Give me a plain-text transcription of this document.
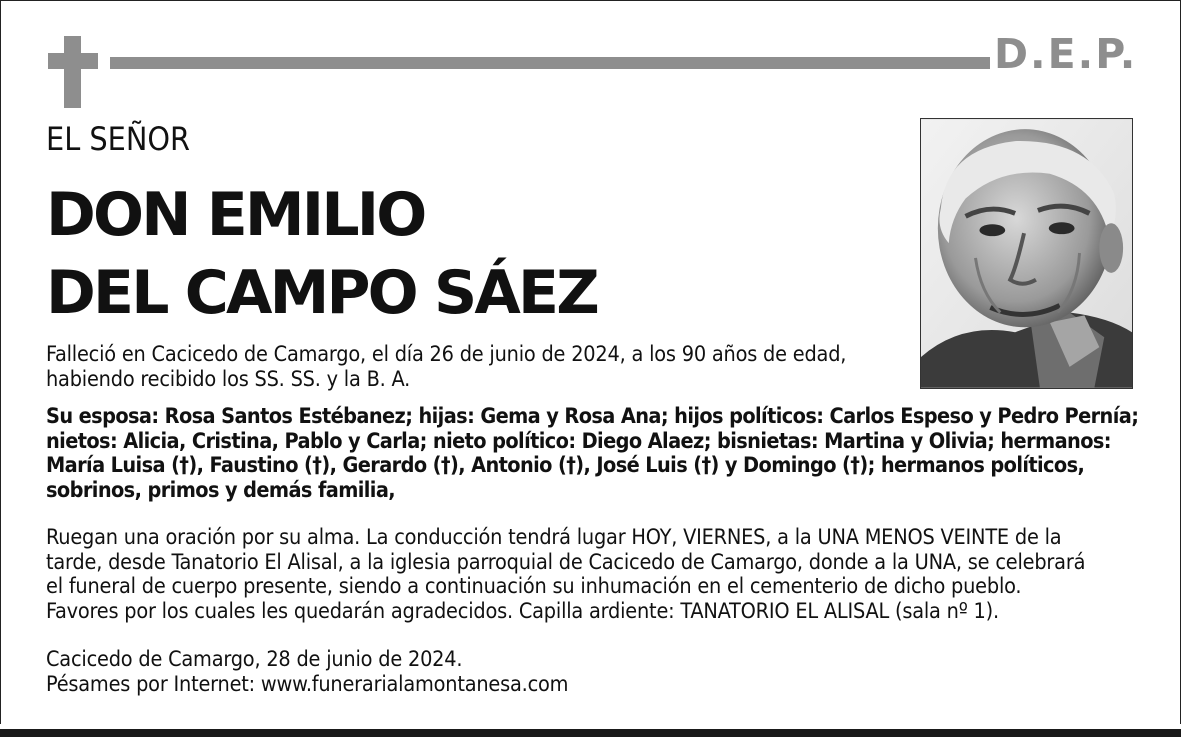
D.E.P.
EL SEÑOR
DON EMILIO
DEL CAMPO SÁEZ
Falleció en Cacicedo de Camargo, el día 26 de junio de 2024, a los 90 años de edad,
habiendo recibido los SS. SS. y la B. A.
Su esposa: Rosa Santos Estébanez; hijas: Gema y Rosa Ana; hijos políticos: Carlos Espeso y Pedro Pernía;
nietos: Alicia, Cristina, Pablo y Carla; nieto político: Diego Alaez; bisnietas: Martina y Olivia; hermanos:
María Luisa (†), Faustino (†), Gerardo (†), Antonio (†), José Luis (†) y Domingo (†); hermanos políticos,
sobrinos, primos y demás familia,
Ruegan una oración por su alma. La conducción tendrá lugar HOY, VIERNES, a la UNA MENOS VEINTE de la
tarde, desde Tanatorio El Alisal, a la iglesia parroquial de Cacicedo de Camargo, donde a la UNA, se celebrará
el funeral de cuerpo presente, siendo a continuación su inhumación en el cementerio de dicho pueblo.
Favores por los cuales les quedarán agradecidos. Capilla ardiente: TANATORIO EL ALISAL (sala nº 1).
Cacicedo de Camargo, 28 de junio de 2024.
Pésames por Internet: www.funerarialamontanesa.com
